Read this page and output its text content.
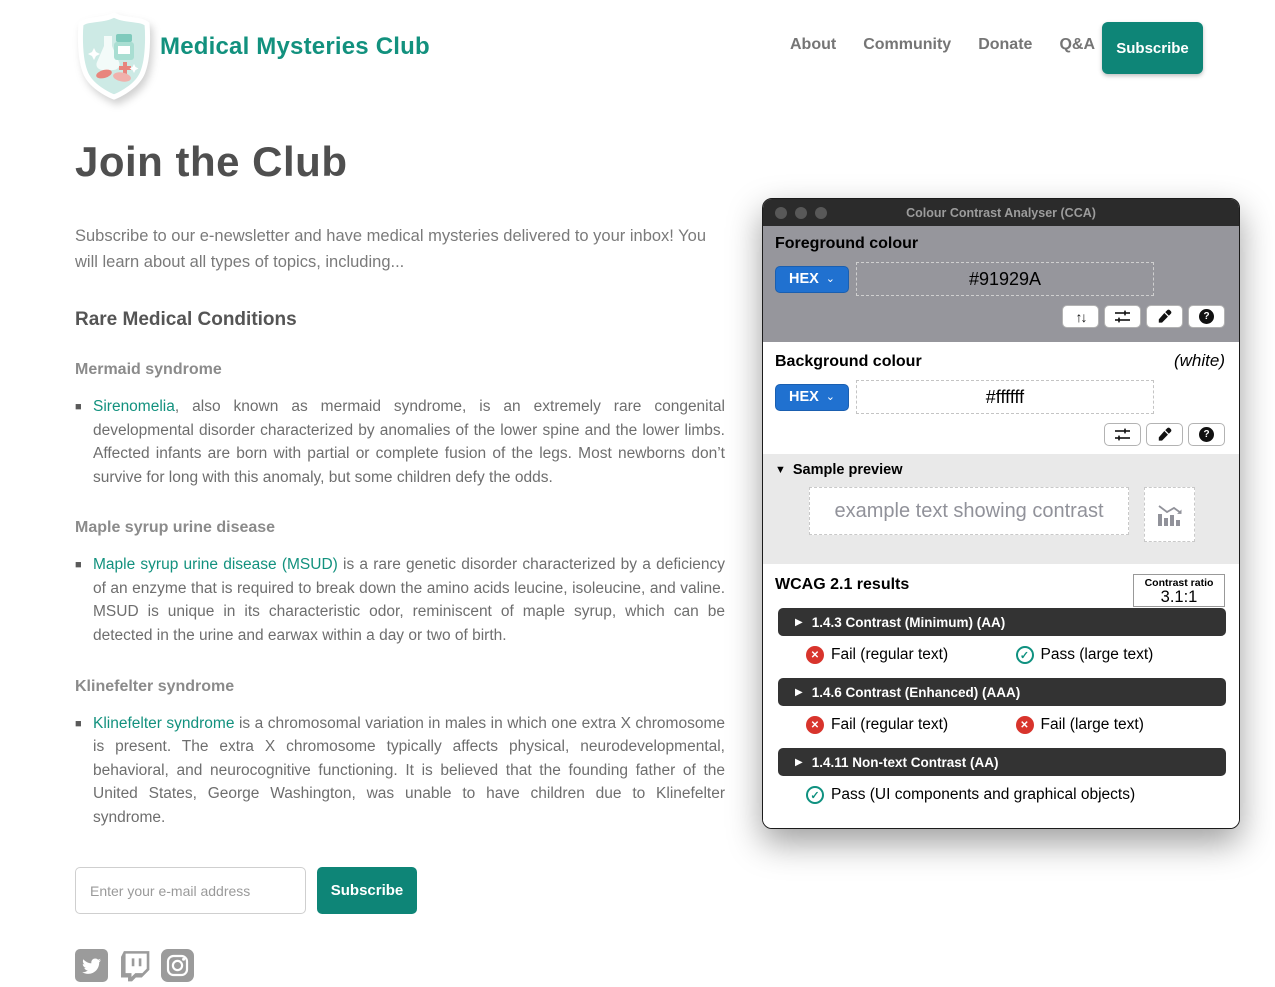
Medical Mysteries Club	About Community Donate Q&A	Subscribe
Join the Club

Subscribe to our e-newsletter and have medical mysteries delivered to your inbox! You will learn about all types of topics, including...

Rare Medical Conditions
Mermaid syndrome
■ Sirenomelia, also known as mermaid syndrome, is an extremely rare congenital developmental disorder characterized by anomalies of the lower spine and the lower limbs. Affected infants are born with partial or complete fusion of the legs. Most newborns don’t survive for long with this anomaly, but some children defy the odds.

Maple syrup urine disease
■ Maple syrup urine disease (MSUD) is a rare genetic disorder characterized by a deficiency of an enzyme that is required to break down the amino acids leucine, isoleucine, and valine. MSUD is unique in its characteristic odor, reminiscent of maple syrup, which can be detected in the urine and earwax within a day or two of birth.

Klinefelter syndrome
■ Klinefelter syndrome is a chromosomal variation in males in which one extra X chromosome is present. The extra X chromosome typically affects physical, neurodevelopmental, behavioral, and neurocognitive functioning. It is believed that the founding father of the United States, George Washington, was unable to have children due to Klinefelter syndrome.

Enter your e-mail address
Subscribe
Colour Contrast Analyser (CCA)
Foreground colour
HEX ⌄
#91929A
↑↓	?
Background colour	(white)
HEX ⌄
#ffffff
?
▼ Sample preview
example text showing contrast
WCAG 2.1 results	Contrast ratio
3.1:1
▶ 1.4.3 Contrast (Minimum) (AA)
✕ Fail (regular text)	✓ Pass (large text)
▶ 1.4.6 Contrast (Enhanced) (AAA)
✕ Fail (regular text)	✕ Fail (large text)
▶ 1.4.11 Non-text Contrast (AA)
✓ Pass (UI components and graphical objects)
